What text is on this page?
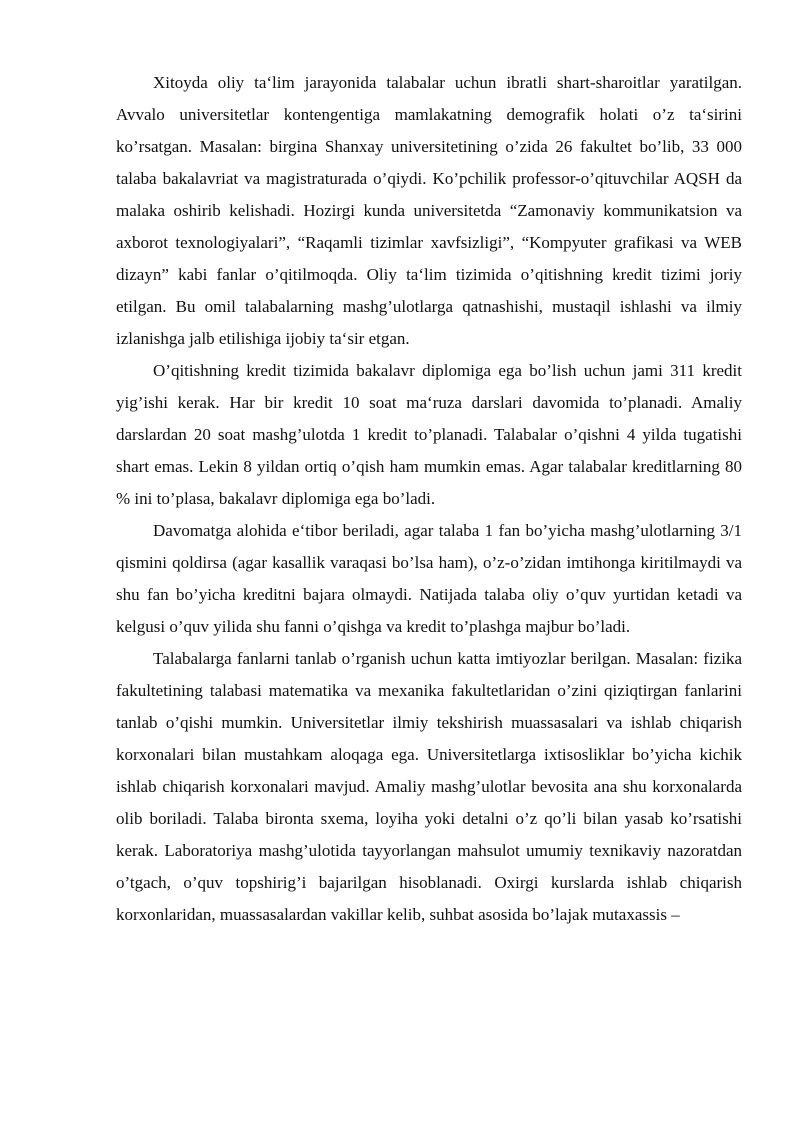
Xitoyda oliy ta‘lim jarayonida talabalar uchun ibratli shart-sharoitlar yaratilgan. Avvalo universitetlar kontengentiga mamlakatning demografik holati o’z ta‘sirini ko’rsatgan. Masalan: birgina Shanxay universitetining o’zida 26 fakultet bo’lib, 33 000 talaba bakalavriat va magistraturada o’qiydi. Ko’pchilik professor-o’qituvchilar AQSH da malaka oshirib kelishadi. Hozirgi kunda universitetda “Zamonaviy kommunikatsion va axborot texnologiyalari”, “Raqamli tizimlar xavfsizligi”, “Kompyuter grafikasi va WEB dizayn” kabi fanlar o’qitilmoqda. Oliy ta‘lim tizimida o’qitishning kredit tizimi joriy etilgan. Bu omil talabalarning mashg’ulotlarga qatnashishi, mustaqil ishlashi va ilmiy izlanishga jalb etilishiga ijobiy ta‘sir etgan.

O’qitishning kredit tizimida bakalavr diplomiga ega bo’lish uchun jami 311 kredit yig’ishi kerak. Har bir kredit 10 soat ma‘ruza darslari davomida to’planadi. Amaliy darslardan 20 soat mashg’ulotda 1 kredit to’planadi. Talabalar o’qishni 4 yilda tugatishi shart emas. Lekin 8 yildan ortiq o’qish ham mumkin emas. Agar talabalar kreditlarning 80 % ini to’plasa, bakalavr diplomiga ega bo’ladi.

Davomatga alohida e‘tibor beriladi, agar talaba 1 fan bo’yicha mashg’ulotlarning 3/1 qismini qoldirsa (agar kasallik varaqasi bo’lsa ham), o’z-o’zidan imtihonga kiritilmaydi va shu fan bo’yicha kreditni bajara olmaydi. Natijada talaba oliy o’quv yurtidan ketadi va kelgusi o’quv yilida shu fanni o’qishga va kredit to’plashga majbur bo’ladi.

Talabalarga fanlarni tanlab o’rganish uchun katta imtiyozlar berilgan. Masalan: fizika fakultetining talabasi matematika va mexanika fakultetlaridan o’zini qiziqtirgan fanlarini tanlab o’qishi mumkin. Universitetlar ilmiy tekshirish muassasalari va ishlab chiqarish korxonalari bilan mustahkam aloqaga ega. Universitetlarga ixtisosliklar bo’yicha kichik ishlab chiqarish korxonalari mavjud. Amaliy mashg’ulotlar bevosita ana shu korxonalarda olib boriladi. Talaba bironta sxema, loyiha yoki detalni o’z qo’li bilan yasab ko’rsatishi kerak. Laboratoriya mashg’ulotida tayyorlangan mahsulot umumiy texnikaviy nazoratdan o’tgach, o’quv topshirig’i bajarilgan hisoblanadi. Oxirgi kurslarda ishlab chiqarish korxonlaridan, muassasalardan vakillar kelib, suhbat asosida bo’lajak mutaxassis –
